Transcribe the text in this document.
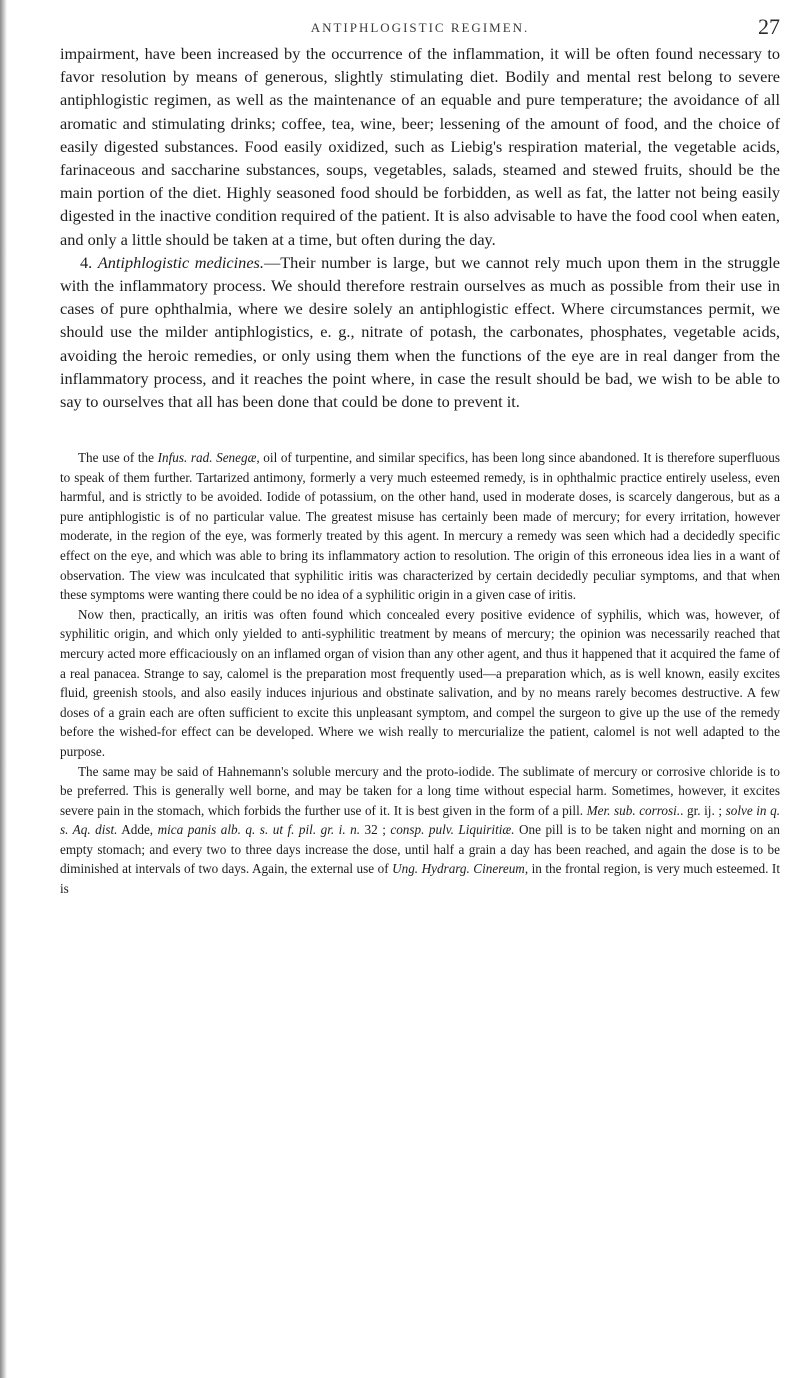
ANTIPHLOGISTIC REGIMEN.	27

impairment, have been increased by the occurrence of the inflammation, it will be often found necessary to favor resolution by means of generous, slightly stimulating diet. Bodily and mental rest belong to severe antiphlogistic regimen, as well as the maintenance of an equable and pure temperature; the avoidance of all aromatic and stimulating drinks; coffee, tea, wine, beer; lessening of the amount of food, and the choice of easily digested substances. Food easily oxidized, such as Liebig's respiration material, the vegetable acids, farinaceous and saccharine substances, soups, vegetables, salads, steamed and stewed fruits, should be the main portion of the diet. Highly seasoned food should be forbidden, as well as fat, the latter not being easily digested in the inactive condition required of the patient. It is also advisable to have the food cool when eaten, and only a little should be taken at a time, but often during the day.

4. Antiphlogistic medicines.—Their number is large, but we cannot rely much upon them in the struggle with the inflammatory process. We should therefore restrain ourselves as much as possible from their use in cases of pure ophthalmia, where we desire solely an antiphlogistic effect. Where circumstances permit, we should use the milder antiphlogistics, e. g., nitrate of potash, the carbonates, phosphates, vegetable acids, avoiding the heroic remedies, or only using them when the functions of the eye are in real danger from the inflammatory process, and it reaches the point where, in case the result should be bad, we wish to be able to say to ourselves that all has been done that could be done to prevent it.

The use of the Infus. rad. Senegæ, oil of turpentine, and similar specifics, has been long since abandoned. It is therefore superfluous to speak of them further. Tartarized antimony, formerly a very much esteemed remedy, is in ophthalmic practice entirely useless, even harmful, and is strictly to be avoided. Iodide of potassium, on the other hand, used in moderate doses, is scarcely dangerous, but as a pure antiphlogistic is of no particular value. The greatest misuse has certainly been made of mercury; for every irritation, however moderate, in the region of the eye, was formerly treated by this agent. In mercury a remedy was seen which had a decidedly specific effect on the eye, and which was able to bring its inflammatory action to resolution. The origin of this erroneous idea lies in a want of observation. The view was inculcated that syphilitic iritis was characterized by certain decidedly peculiar symptoms, and that when these symptoms were wanting there could be no idea of a syphilitic origin in a given case of iritis.

Now then, practically, an iritis was often found which concealed every positive evidence of syphilis, which was, however, of syphilitic origin, and which only yielded to anti-syphilitic treatment by means of mercury; the opinion was necessarily reached that mercury acted more efficaciously on an inflamed organ of vision than any other agent, and thus it happened that it acquired the fame of a real panacea. Strange to say, calomel is the preparation most frequently used—a preparation which, as is well known, easily excites fluid, greenish stools, and also easily induces injurious and obstinate salivation, and by no means rarely becomes destructive. A few doses of a grain each are often sufficient to excite this unpleasant symptom, and compel the surgeon to give up the use of the remedy before the wished-for effect can be developed. Where we wish really to mercurialize the patient, calomel is not well adapted to the purpose.

The same may be said of Hahnemann's soluble mercury and the proto-iodide. The sublimate of mercury or corrosive chloride is to be preferred. This is generally well borne, and may be taken for a long time without especial harm. Sometimes, however, it excites severe pain in the stomach, which forbids the further use of it. It is best given in the form of a pill. Mer. sub. corrosi.. gr. ij. ; solve in q. s. Aq. dist. Adde, mica panis alb. q. s. ut f. pil. gr. i. n. 32 ; consp. pulv. Liquiritiæ. One pill is to be taken night and morning on an empty stomach; and every two to three days increase the dose, until half a grain a day has been reached, and again the dose is to be diminished at intervals of two days. Again, the external use of Ung. Hydrarg. Cinereum, in the frontal region, is very much esteemed. It is
